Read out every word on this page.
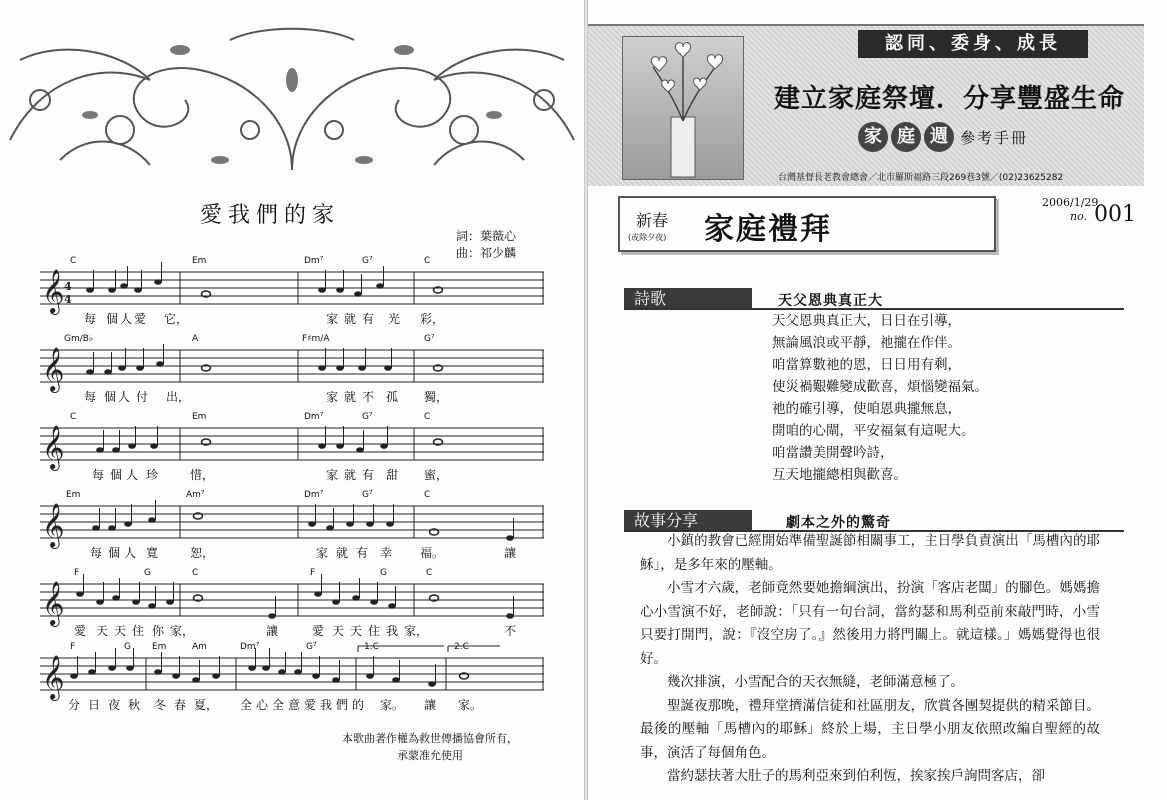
愛我們的家
詞：葉薇心
曲：祁少麟
C	Em	Dm⁷	G⁷	C
𝄞 4
4
每 個 人 愛 它，	家 就 有 光 彩，
Gm/B♭	A	F♯m/A	G⁷
𝄞
每 個 人 付 出，	家 就 不 孤 獨，
C	Em	Dm⁷	G⁷	C
𝄞
每 個 人 珍	惜，	家 就 有 甜 蜜，
Em	Am⁷	Dm⁷	G⁷	C
𝄞
每 個 人 寬	恕，	家 就 有 幸 福。	讓
F	G	C	F	G	C
𝄞
愛 天 天 住 你 家，	讓	愛 天 天 住 我 家，	不
F	G Em	Am	Dm⁷	G⁷	1.C	2.C
𝄞
分 日 夜 秋 冬 春 夏， 全 心 全 意 愛 我 們 的 家。 讓 家。
本歌曲著作權為救世傳播協會所有，
承蒙准允使用
認同、委身、成長
建立家庭祭壇．分享豐盛生命
家 庭 週 參考手冊
台灣基督長老教會總會／北市羅斯福路三段269巷3號／(02)23625282
新春
(或除夕夜) 家庭禮拜
2006/1/29
no. 001
詩歌	天父恩典真正大
天父恩典真正大，日日在引導，
無論風浪或平靜，祂攏在作伴。
咱當算數祂的恩，日日用有剩，
使災禍艱難變成歡喜，煩惱變福氣。
祂的確引導，使咱恩典攏無息，
開咱的心閘，平安福氣有這呢大。
咱當讚美開聲吟詩，
互天地攏總相與歡喜。
故事分享	劇本之外的驚奇

小鎮的教會已經開始準備聖誕節相關事工，主日學負責演出「馬槽內的耶穌」，是多年來的壓軸。

小雪才六歲，老師竟然要她擔綱演出，扮演「客店老闆」的腳色。媽媽擔心小雪演不好，老師說：「只有一句台詞，當約瑟和馬利亞前來敲門時，小雪只要打開門，說：『沒空房了。』然後用力將門關上。就這樣。」媽媽覺得也很好。

幾次排演，小雪配合的天衣無縫，老師滿意極了。

聖誕夜那晚，禮拜堂擠滿信徒和社區朋友，欣賞各團契提供的精采節目。最後的壓軸「馬槽內的耶穌」終於上場，主日學小朋友依照改編自聖經的故事，演活了每個角色。

當約瑟扶著大肚子的馬利亞來到伯利恆，挨家挨戶詢問客店，卻
